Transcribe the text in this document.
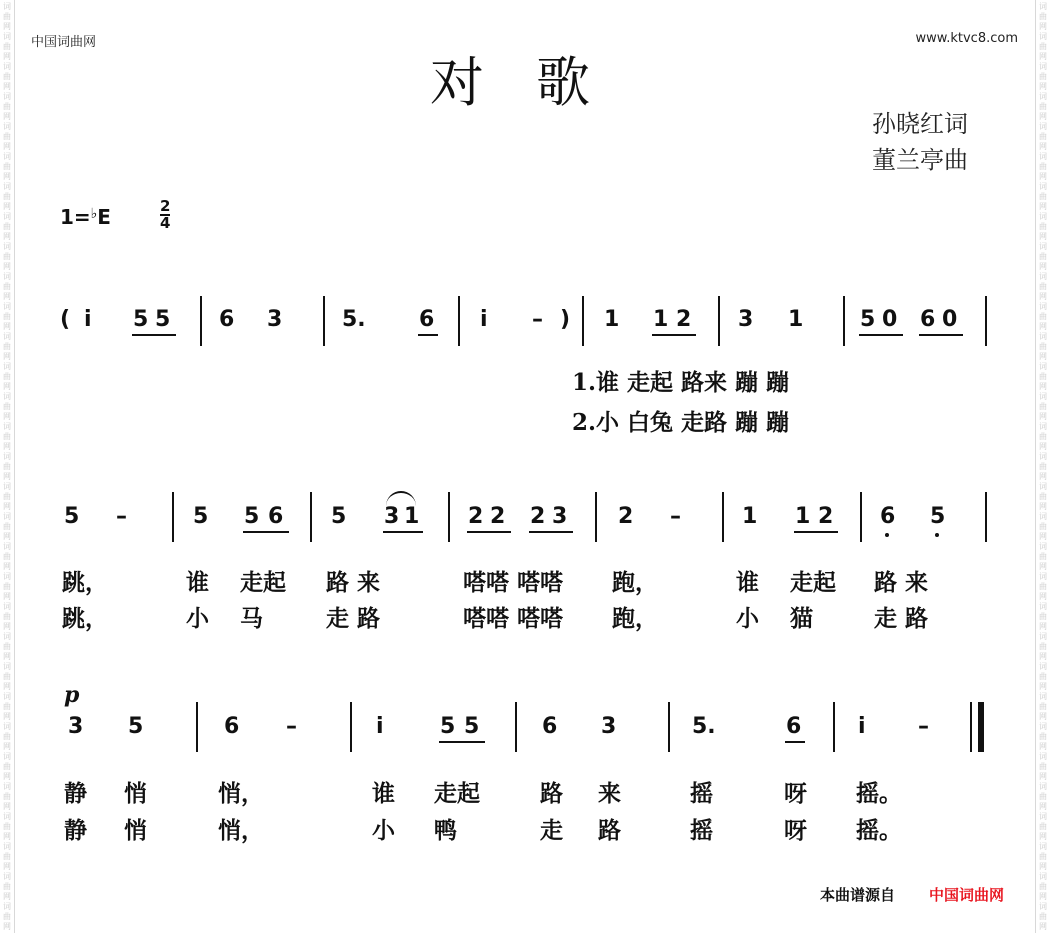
词
曲
网
词
曲
网
词
曲
网
词
曲
网
词
曲
网
词
曲
网
词
曲
网
词
曲
网
词
曲
网
词
曲
网
词
曲
网
词
曲
网
词
曲
网
词
曲
网
词
曲
网
词
曲
网
词
曲
网
词
曲
网
词
曲
网
词
曲
网
词
曲
网
词
曲
网
词
曲
网
词
曲
网
词
曲
网
词
曲
网
词
曲
网
词
曲
网
词
曲
网
词
曲
网
词
曲
网
词
曲
网
词
曲
网
词
曲
网
词
曲
网
词
曲
网
词
曲
网
词
曲
网
词
曲
网
词
曲
网
词
曲
网
词
曲
网
词
曲
网
词
曲
网
词
曲
网
词
曲
网
词
曲
网
词
曲
网
词
曲
网
词
曲
网
词
曲
网
词
曲
网
词
曲
网
词
曲
网
词
曲
网
词
曲
网
词
曲
网
词
曲
网
词
曲
网
词
曲
网
词
曲
网
词
曲
网
中国词曲网	www.ktvc8.com
对歌
孙晓红词
董兰亭曲
1=♭E	$\frac{2}{4}$
( i 5 5 6 3	5. 6 i – ) 1 1 2 3 1	5 0 6 0
1.谁 走起 路来 蹦 蹦
2.小 白兔 走路 蹦 蹦
5 –	5 5 6 5 3 1 2 2 2 3 2 –	1 1 2 6 5
跳，	谁 走起 路 来	嗒嗒 嗒嗒 跑，	谁 走起 路 来
跳，	小 马	走 路	嗒嗒 嗒嗒 跑，	小 猫	走 路
p
3 5	6 –	i	5 5	6 3	5.	6	i –
静 悄	悄，	谁 走起	路 来	摇	呀 摇。
静 悄	悄，	小 鸭	走 路	摇	呀 摇。
本曲谱源自 中国词曲网
